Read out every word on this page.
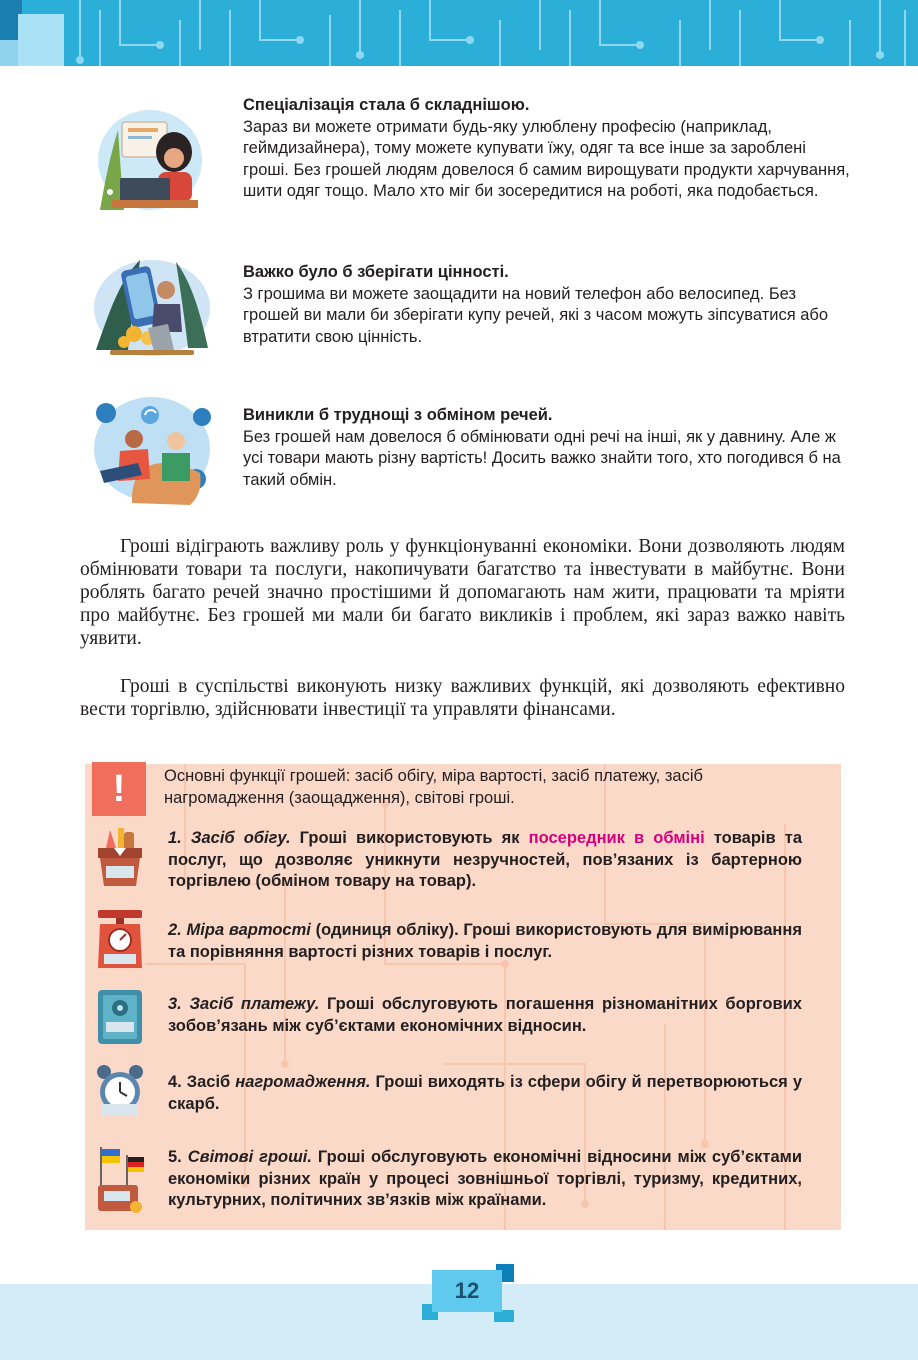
Спеціалізація стала б складнішою.
Зараз ви можете отримати будь-яку улюблену професію (наприклад, геймдизайнера), тому можете купувати їжу, одяг та все інше за зароблені гроші. Без грошей людям довелося б самим вирощувати продукти харчування, шити одяг тощо. Мало хто міг би зосередитися на роботі, яка подобається.
Важко було б зберігати цінності.
З грошима ви можете заощадити на новий телефон або велосипед. Без грошей ви мали би зберігати купу речей, які з часом можуть зіпсуватися або втратити свою цінність.
Виникли б труднощі з обміном речей.
Без грошей нам довелося б обмінювати одні речі на інші, як у давнину. Але ж усі товари мають різну вартість! Досить важко знайти того, хто погодився б на такий обмін.
Гроші відіграють важливу роль у функціонуванні економіки. Вони дозволяють людям обмінювати товари та послуги, накопичувати багатство та інвестувати в майбутнє. Вони роблять багато речей значно простішими й допомагають нам жити, працювати та мріяти про майбутнє. Без грошей ми мали би багато викликів і проблем, які зараз важко навіть уявити.
Гроші в суспільстві виконують низку важливих функцій, які дозволяють ефективно вести торгівлю, здійснювати інвестиції та управляти фінансами.
!	Основні функції грошей: засіб обігу, міра вартості, засіб платежу, засіб нагромадження (заощадження), світові гроші.
1. Засіб обігу. Гроші використовують як посередник в обміні товарів та послуг, що дозволяє уникнути незручностей, пов’язаних із бартерною торгівлею (обміном товару на товар).
2. Міра вартості (одиниця обліку). Гроші використовують для вимірювання та порівняння вартості різних товарів і послуг.
3. Засіб платежу. Гроші обслуговують погашення різноманітних боргових зобов’язань між суб’єктами економічних відносин.
4. Засіб нагромадження. Гроші виходять із сфери обігу й перетворюються у скарб.
5. Світові гроші. Гроші обслуговують економічні відносини між суб’єктами економіки різних країн у процесі зовнішньої торгівлі, туризму, кредитних, культурних, політичних зв’язків між країнами.
12
